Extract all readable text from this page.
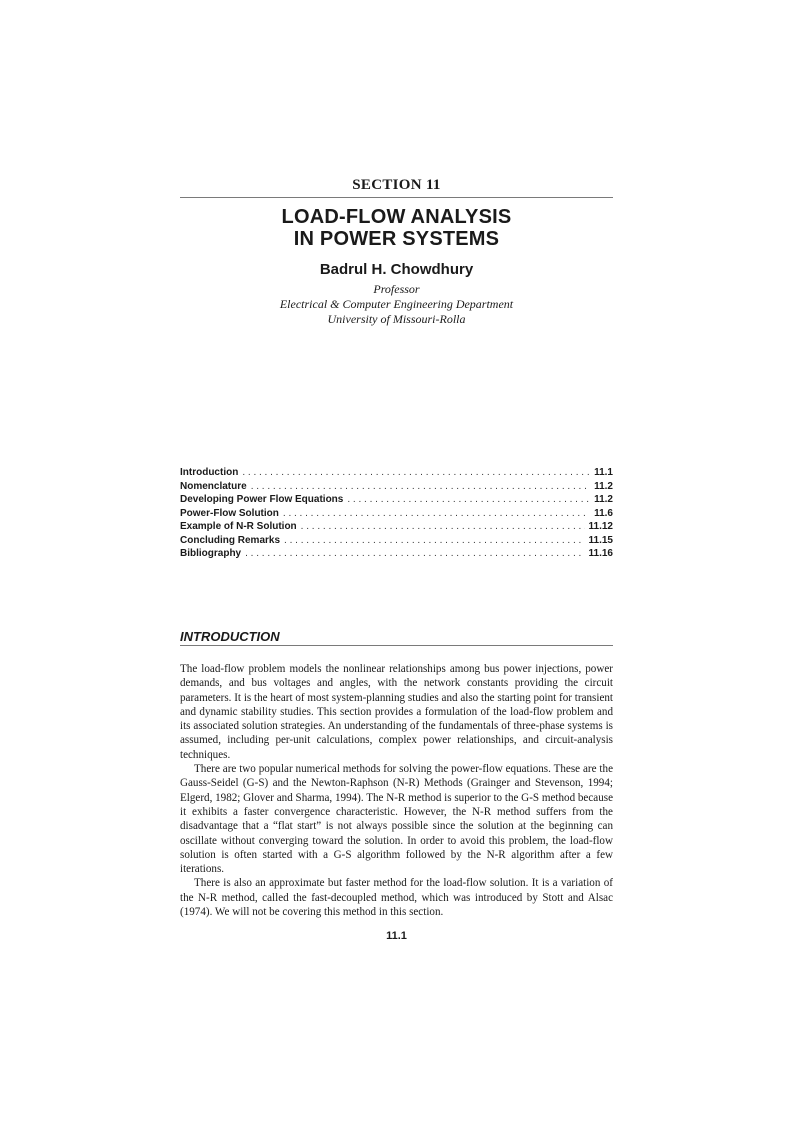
SECTION 11
LOAD-FLOW ANALYSIS
IN POWER SYSTEMS
Badrul H. Chowdhury
Professor
Electrical & Computer Engineering Department
University of Missouri-Rolla
Introduction . . .	11.1
Nomenclature . . .	11.2
Developing Power Flow Equations . . .	11.2
Power-Flow Solution . . .	11.6
Example of N-R Solution . . .	11.12
Concluding Remarks . . .	11.15
Bibliography . . .	11.16
INTRODUCTION

The load-flow problem models the nonlinear relationships among bus power injections, power demands, and bus voltages and angles, with the network constants providing the circuit parameters. It is the heart of most system-planning studies and also the starting point for transient and dynamic stability studies. This section provides a formulation of the load-flow problem and its associated solution strategies. An understanding of the fundamentals of three-phase systems is assumed, including per-unit calculations, complex power relationships, and circuit-analysis techniques.

There are two popular numerical methods for solving the power-flow equations. These are the Gauss-Seidel (G-S) and the Newton-Raphson (N-R) Methods (Grainger and Stevenson, 1994; Elgerd, 1982; Glover and Sharma, 1994). The N-R method is superior to the G-S method because it exhibits a faster convergence characteristic. However, the N-R method suffers from the disadvantage that a “flat start” is not always possible since the solution at the beginning can oscillate without converging toward the solution. In order to avoid this problem, the load-flow solution is often started with a G-S algorithm followed by the N-R algorithm after a few iterations.

There is also an approximate but faster method for the load-flow solution. It is a variation of the N-R method, called the fast-decoupled method, which was introduced by Stott and Alsac (1974). We will not be covering this method in this section.

11.1
